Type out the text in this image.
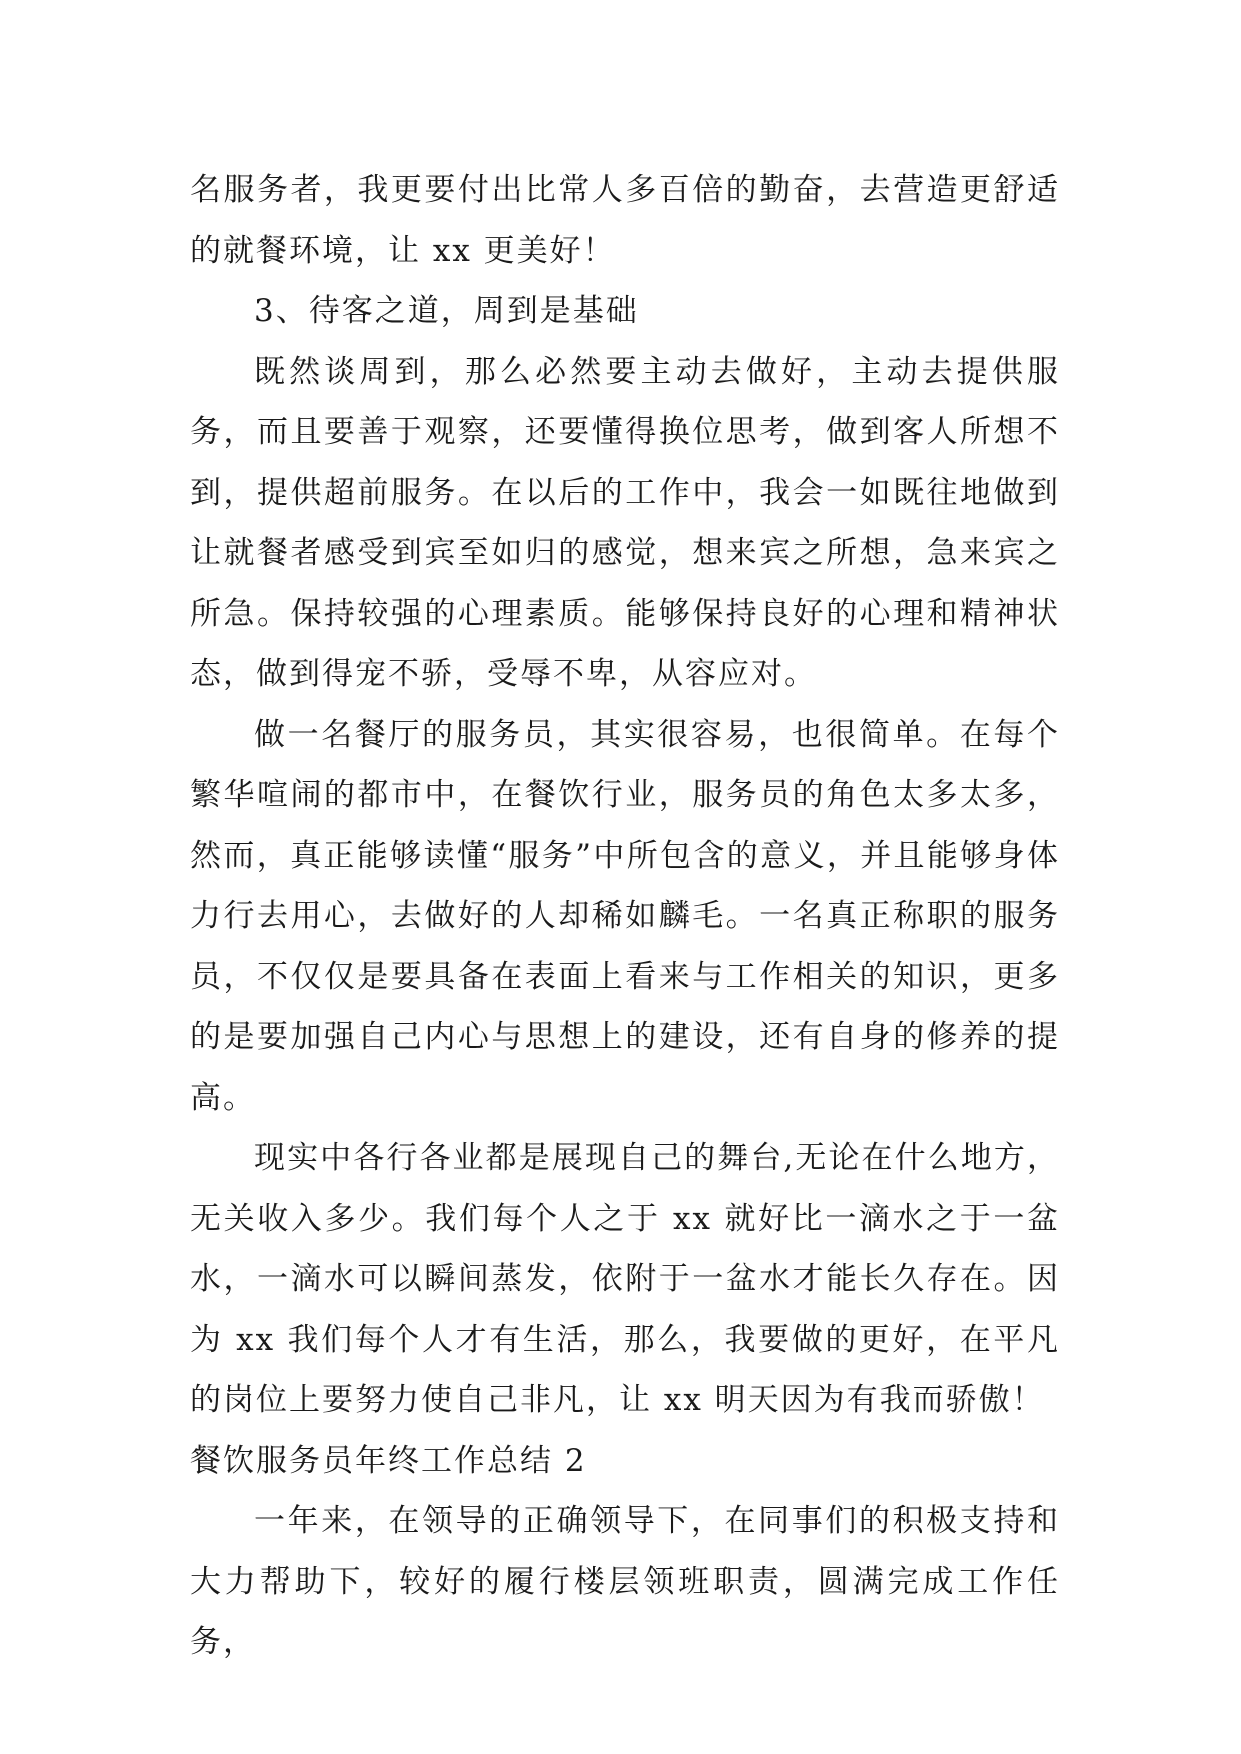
名服务者，我更要付出比常人多百倍的勤奋，去营造更舒适的就餐环境，让 xx 更美好！

3、待客之道，周到是基础

既然谈周到，那么必然要主动去做好，主动去提供服务，而且要善于观察，还要懂得换位思考，做到客人所想不到，提供超前服务。在以后的工作中，我会一如既往地做到让就餐者感受到宾至如归的感觉，想来宾之所想，急来宾之所急。保持较强的心理素质。能够保持良好的心理和精神状态，做到得宠不骄，受辱不卑，从容应对。

做一名餐厅的服务员，其实很容易，也很简单。在每个繁华喧闹的都市中，在餐饮行业，服务员的角色太多太多，然而，真正能够读懂“服务”中所包含的意义，并且能够身体力行去用心，去做好的人却稀如麟毛。一名真正称职的服务员，不仅仅是要具备在表面上看来与工作相关的知识，更多的是要加强自己内心与思想上的建设，还有自身的修养的提高。

现实中各行各业都是展现自己的舞台,无论在什么地方，无关收入多少。我们每个人之于 xx 就好比一滴水之于一盆水，一滴水可以瞬间蒸发，依附于一盆水才能长久存在。因为 xx 我们每个人才有生活，那么，我要做的更好，在平凡的岗位上要努力使自己非凡，让 xx 明天因为有我而骄傲！

餐饮服务员年终工作总结 2

一年来，在领导的正确领导下，在同事们的积极支持和大力帮助下，较好的履行楼层领班职责，圆满完成工作任务，
